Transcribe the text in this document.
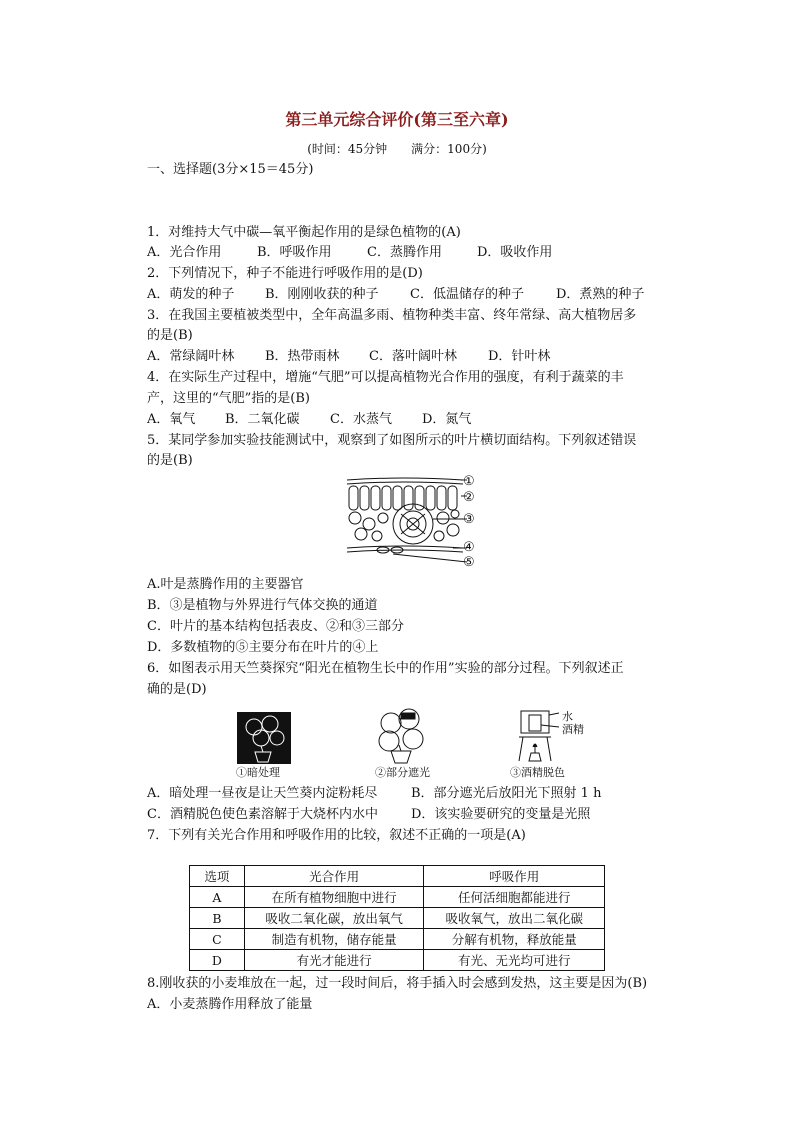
第三单元综合评价(第三至六章)
(时间：45分钟　　满分：100分)
一、选择题(3分×15＝45分)
1．对维持大气中碳—氧平衡起作用的是绿色植物的(A)
A．光合作用	B．呼吸作用	C．蒸腾作用	D．吸收作用
2．下列情况下，种子不能进行呼吸作用的是(D)
A．萌发的种子 B．刚刚收获的种子 C．低温储存的种子 D．煮熟的种子
3．在我国主要植被类型中，全年高温多雨、植物种类丰富、终年常绿、高大植物居多
的是(B)
A．常绿阔叶林 B．热带雨林 C．落叶阔叶林 D．针叶林
4．在实际生产过程中，增施“气肥”可以提高植物光合作用的强度，有利于蔬菜的丰
产，这里的“气肥”指的是(B)
A．氧气 B．二氧化碳 C．水蒸气 D．氮气
5．某同学参加实验技能测试中，观察到了如图所示的叶片横切面结构。下列叙述错误
的是(B)
①
②
③
④
⑤
A.叶是蒸腾作用的主要器官
B．③是植物与外界进行气体交换的通道
C．叶片的基本结构包括表皮、②和③三部分
D．多数植物的⑤主要分布在叶片的④上
6．如图表示用天竺葵探究“阳光在植物生长中的作用”实验的部分过程。下列叙述正
确的是(D)
水
酒精
①暗处理	②部分遮光	③酒精脱色
A．暗处理一昼夜是让天竺葵内淀粉耗尽	B．部分遮光后放阳光下照射 1 h
C．酒精脱色使色素溶解于大烧杯内水中	D．该实验要研究的变量是光照
7．下列有关光合作用和呼吸作用的比较，叙述不正确的一项是(A)
选项	光合作用	呼吸作用
A	在所有植物细胞中进行	任何活细胞都能进行
B	吸收二氧化碳，放出氧气	吸收氧气，放出二氧化碳
C	制造有机物，储存能量	分解有机物，释放能量
D	有光才能进行	有光、无光均可进行
8.刚收获的小麦堆放在一起，过一段时间后，将手插入时会感到发热，这主要是因为(B)
A．小麦蒸腾作用释放了能量
